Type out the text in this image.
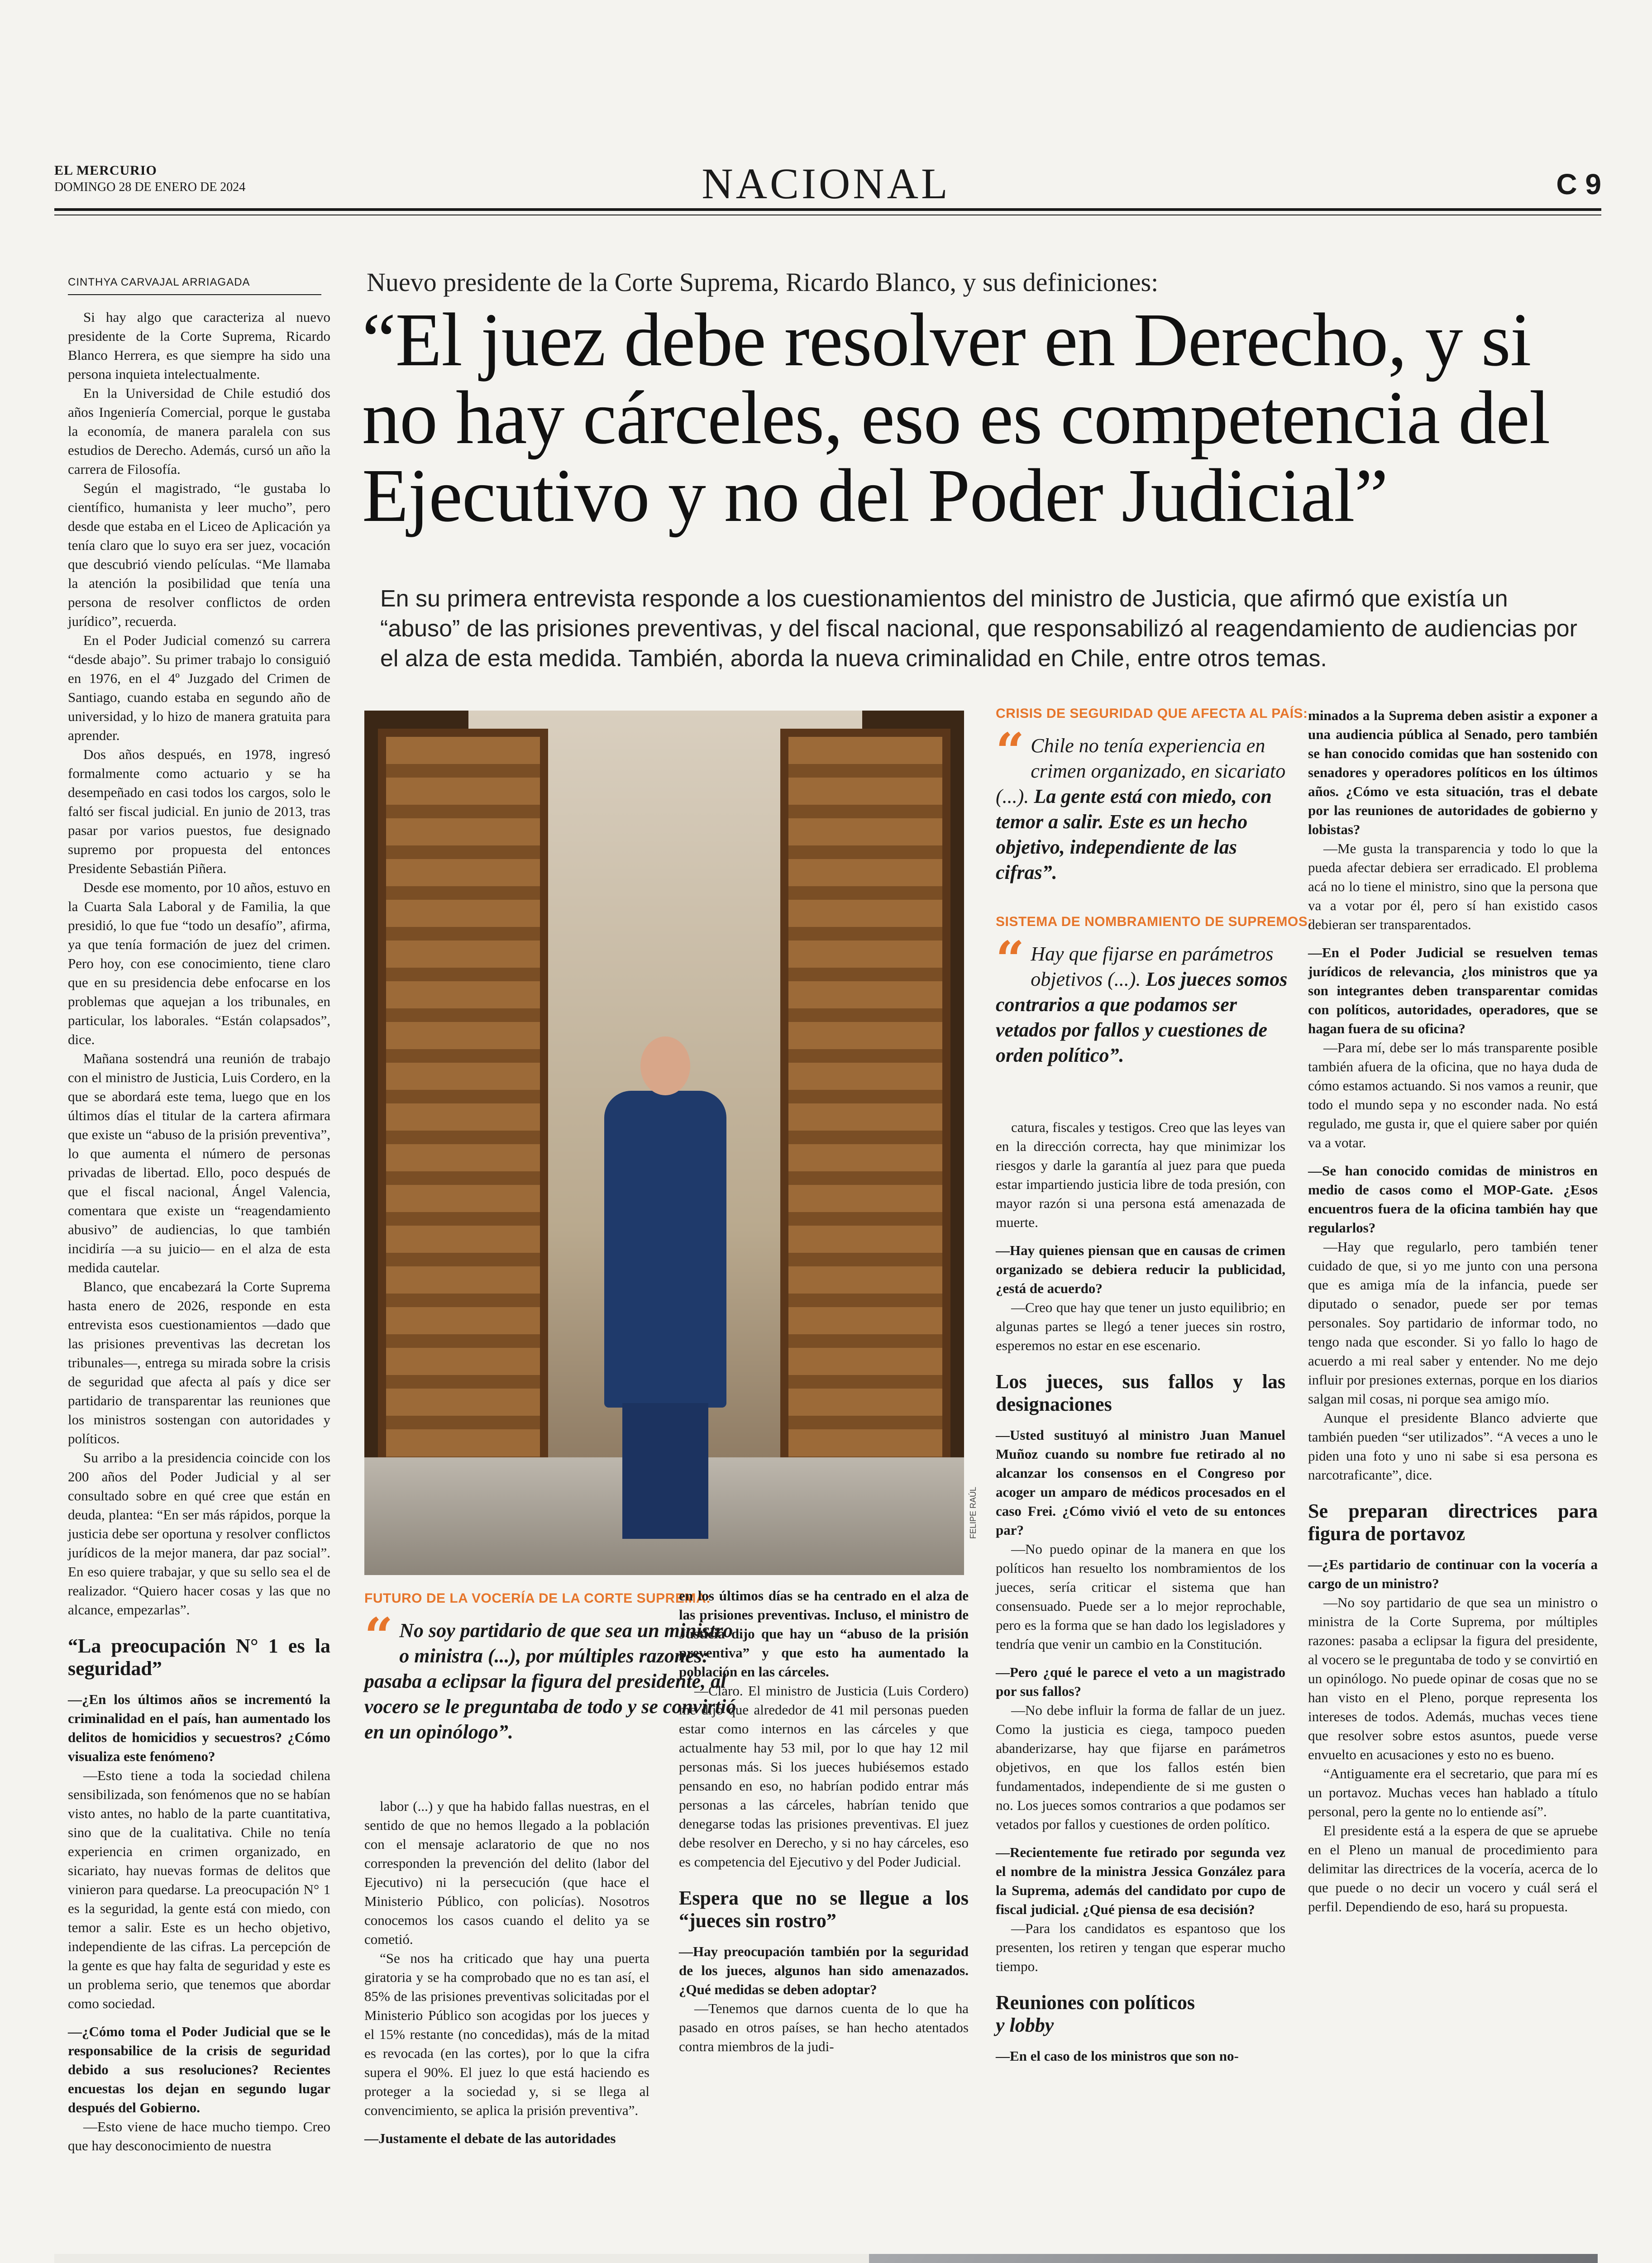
EL MERCURIO
DOMINGO 28 DE ENERO DE 2024	NACIONAL	C 9
CINTHYA CARVAJAL ARRIAGADA	Nuevo presidente de la Corte Suprema, Ricardo Blanco, y sus definiciones:
“El juez debe resolver en Derecho, y si no hay cárceles, eso es competencia del Ejecutivo y no del Poder Judicial”
En su primera entrevista responde a los cuestionamientos del ministro de Justicia, que afirmó que existía un “abuso” de las prisiones preventivas, y del fiscal nacional, que responsabilizó al reagendamiento de audiencias por el alza de esta medida. También, aborda la nueva criminalidad en Chile, entre otros temas.

Si hay algo que caracteriza al nuevo presidente de la Corte Suprema, Ricardo Blanco Herrera, es que siempre ha sido una persona inquieta intelectualmente.

En la Universidad de Chile estudió dos años Ingeniería Comercial, porque le gustaba la economía, de manera paralela con sus estudios de Derecho. Además, cursó un año la carrera de Filosofía.

Según el magistrado, “le gustaba lo científico, humanista y leer mucho”, pero desde que estaba en el Liceo de Aplicación ya tenía claro que lo suyo era ser juez, vocación que descubrió viendo películas. “Me llamaba la atención la posibilidad que tenía una persona de resolver conflictos de orden jurídico”, recuerda.

En el Poder Judicial comenzó su carrera “desde abajo”. Su primer trabajo lo consiguió en 1976, en el 4º Juzgado del Crimen de Santiago, cuando estaba en segundo año de universidad, y lo hizo de manera gratuita para aprender.

Dos años después, en 1978, ingresó formalmente como actuario y se ha desempeñado en casi todos los cargos, solo le faltó ser fiscal judicial. En junio de 2013, tras pasar por varios puestos, fue designado supremo por propuesta del entonces Presidente Sebastián Piñera.

Desde ese momento, por 10 años, estuvo en la Cuarta Sala Laboral y de Familia, la que presidió, lo que fue “todo un desafío”, afirma, ya que tenía formación de juez del crimen. Pero hoy, con ese conocimiento, tiene claro que en su presidencia debe enfocarse en los problemas que aquejan a los tribunales, en particular, los laborales. “Están colapsados”, dice.

Mañana sostendrá una reunión de trabajo con el ministro de Justicia, Luis Cordero, en la que se abordará este tema, luego que en los últimos días el titular de la cartera afirmara que existe un “abuso de la prisión preventiva”, lo que aumenta el número de personas privadas de libertad. Ello, poco después de que el fiscal nacional, Ángel Valencia, comentara que existe un “reagendamiento abusivo” de audiencias, lo que también incidiría —a su juicio— en el alza de esta medida cautelar.

Blanco, que encabezará la Corte Suprema hasta enero de 2026, responde en esta entrevista esos cuestionamientos —dado que las prisiones preventivas las decretan los tribunales—, entrega su mirada sobre la crisis de seguridad que afecta al país y dice ser partidario de transparentar las reuniones que los ministros sostengan con autoridades y políticos.

Su arribo a la presidencia coincide con los 200 años del Poder Judicial y al ser consultado sobre en qué cree que están en deuda, plantea: “En ser más rápidos, porque la justicia debe ser oportuna y resolver conflictos jurídicos de la mejor manera, dar paz social”. En eso quiere trabajar, y que su sello sea el de realizador. “Quiero hacer cosas y las que no alcance, empezarlas”.

“La preocupación N° 1 es la seguridad”

—¿En los últimos años se incrementó la criminalidad en el país, han aumentado los delitos de homicidios y secuestros? ¿Cómo visualiza este fenómeno?

—Esto tiene a toda la sociedad chilena sensibilizada, son fenómenos que no se habían visto antes, no hablo de la parte cuantitativa, sino que de la cualitativa. Chile no tenía experiencia en crimen organizado, en sicariato, hay nuevas formas de delitos que vinieron para quedarse. La preocupación N° 1 es la seguridad, la gente está con miedo, con temor a salir. Este es un hecho objetivo, independiente de las cifras. La percepción de la gente es que hay falta de seguridad y este es un problema serio, que tenemos que abordar como sociedad.

—¿Cómo toma el Poder Judicial que se le responsabilice de la crisis de seguridad debido a sus resoluciones? Recientes encuestas los dejan en segundo lugar después del Gobierno.

—Esto viene de hace mucho tiempo. Creo que hay desconocimiento de nuestra

FELIPE RAÚL
FUTURO DE LA VOCERÍA DE LA CORTE SUPREMA:
“ No soy partidario de que sea un ministro o ministra (...), por múltiples razones: pasaba a eclipsar la figura del presidente, al vocero se le preguntaba de todo y se convirtió en un opinólogo”.

labor (...) y que ha habido fallas nuestras, en el sentido de que no hemos llegado a la población con el mensaje aclaratorio de que no nos corresponden la prevención del delito (labor del Ejecutivo) ni la persecución (que hace el Ministerio Público, con policías). Nosotros conocemos los casos cuando el delito ya se cometió.

“Se nos ha criticado que hay una puerta giratoria y se ha comprobado que no es tan así, el 85% de las prisiones preventivas solicitadas por el Ministerio Público son acogidas por los jueces y el 15% restante (no concedidas), más de la mitad es revocada (en las cortes), por lo que la cifra supera el 90%. El juez lo que está haciendo es proteger a la sociedad y, si se llega al convencimiento, se aplica la prisión preventiva”.

—Justamente el debate de las autoridades

en los últimos días se ha centrado en el alza de las prisiones preventivas. Incluso, el ministro de Justicia dijo que hay un “abuso de la prisión preventiva” y que esto ha aumentado la población en las cárceles.

—Claro. El ministro de Justicia (Luis Cordero) me dijo que alrededor de 41 mil personas pueden estar como internos en las cárceles y que actualmente hay 53 mil, por lo que hay 12 mil personas más. Si los jueces hubiésemos estado pensando en eso, no habrían podido entrar más personas a las cárceles, habrían tenido que denegarse todas las prisiones preventivas. El juez debe resolver en Derecho, y si no hay cárceles, eso es competencia del Ejecutivo y del Poder Judicial.

Espera que no se llegue a los “jueces sin rostro”

—Hay preocupación también por la seguridad de los jueces, algunos han sido amenazados. ¿Qué medidas se deben adoptar?

—Tenemos que darnos cuenta de lo que ha pasado en otros países, se han hecho atentados contra miembros de la judi-

CRISIS DE SEGURIDAD QUE AFECTA AL PAÍS:
“ Chile no tenía experiencia en crimen organizado, en sicariato (...). La gente está con miedo, con temor a salir. Este es un hecho objetivo, independiente de las cifras”.
SISTEMA DE NOMBRAMIENTO DE SUPREMOS:
“ Hay que fijarse en parámetros objetivos (...). Los jueces somos contrarios a que podamos ser vetados por fallos y cuestiones de orden político”.

catura, fiscales y testigos. Creo que las leyes van en la dirección correcta, hay que minimizar los riesgos y darle la garantía al juez para que pueda estar impartiendo justicia libre de toda presión, con mayor razón si una persona está amenazada de muerte.

—Hay quienes piensan que en causas de crimen organizado se debiera reducir la publicidad, ¿está de acuerdo?

—Creo que hay que tener un justo equilibrio; en algunas partes se llegó a tener jueces sin rostro, esperemos no estar en ese escenario.

Los jueces, sus fallos y las designaciones

—Usted sustituyó al ministro Juan Manuel Muñoz cuando su nombre fue retirado al no alcanzar los consensos en el Congreso por acoger un amparo de médicos procesados en el caso Frei. ¿Cómo vivió el veto de su entonces par?

—No puedo opinar de la manera en que los políticos han resuelto los nombramientos de los jueces, sería criticar el sistema que han consensuado. Puede ser a lo mejor reprochable, pero es la forma que se han dado los legisladores y tendría que venir un cambio en la Constitución.

—Pero ¿qué le parece el veto a un magistrado por sus fallos?

—No debe influir la forma de fallar de un juez. Como la justicia es ciega, tampoco pueden abanderizarse, hay que fijarse en parámetros objetivos, en que los fallos estén bien fundamentados, independiente de si me gusten o no. Los jueces somos contrarios a que podamos ser vetados por fallos y cuestiones de orden político.

—Recientemente fue retirado por segunda vez el nombre de la ministra Jessica González para la Suprema, además del candidato por cupo de fiscal judicial. ¿Qué piensa de esa decisión?

—Para los candidatos es espantoso que los presenten, los retiren y tengan que esperar mucho tiempo.

Reuniones con políticos

y lobby

—En el caso de los ministros que son no-

minados a la Suprema deben asistir a exponer a una audiencia pública al Senado, pero también se han conocido comidas que han sostenido con senadores y operadores políticos en los últimos años. ¿Cómo ve esta situación, tras el debate por las reuniones de autoridades de gobierno y lobistas?

—Me gusta la transparencia y todo lo que la pueda afectar debiera ser erradicado. El problema acá no lo tiene el ministro, sino que la persona que va a votar por él, pero sí han existido casos debieran ser transparentados.

—En el Poder Judicial se resuelven temas jurídicos de relevancia, ¿los ministros que ya son integrantes deben transparentar comidas con políticos, autoridades, operadores, que se hagan fuera de su oficina?

—Para mí, debe ser lo más transparente posible también afuera de la oficina, que no haya duda de cómo estamos actuando. Si nos vamos a reunir, que todo el mundo sepa y no esconder nada. No está regulado, me gusta ir, que el quiere saber por quién va a votar.

—Se han conocido comidas de ministros en medio de casos como el MOP-Gate. ¿Esos encuentros fuera de la oficina también hay que regularlos?

—Hay que regularlo, pero también tener cuidado de que, si yo me junto con una persona que es amiga mía de la infancia, puede ser diputado o senador, puede ser por temas personales. Soy partidario de informar todo, no tengo nada que esconder. Si yo fallo lo hago de acuerdo a mi real saber y entender. No me dejo influir por presiones externas, porque en los diarios salgan mil cosas, ni porque sea amigo mío.

Aunque el presidente Blanco advierte que también pueden “ser utilizados”. “A veces a uno le piden una foto y uno ni sabe si esa persona es narcotraficante”, dice.

Se preparan directrices para figura de portavoz

—¿Es partidario de continuar con la vocería a cargo de un ministro?

—No soy partidario de que sea un ministro o ministra de la Corte Suprema, por múltiples razones: pasaba a eclipsar la figura del presidente, al vocero se le preguntaba de todo y se convirtió en un opinólogo. No puede opinar de cosas que no se han visto en el Pleno, porque representa los intereses de todos. Además, muchas veces tiene que resolver sobre estos asuntos, puede verse envuelto en acusaciones y esto no es bueno.

“Antiguamente era el secretario, que para mí es un portavoz. Muchas veces han hablado a título personal, pero la gente no lo entiende así”.

El presidente está a la espera de que se apruebe en el Pleno un manual de procedimiento para delimitar las directrices de la vocería, acerca de lo que puede o no decir un vocero y cuál será el perfil. Dependiendo de eso, hará su propuesta.
